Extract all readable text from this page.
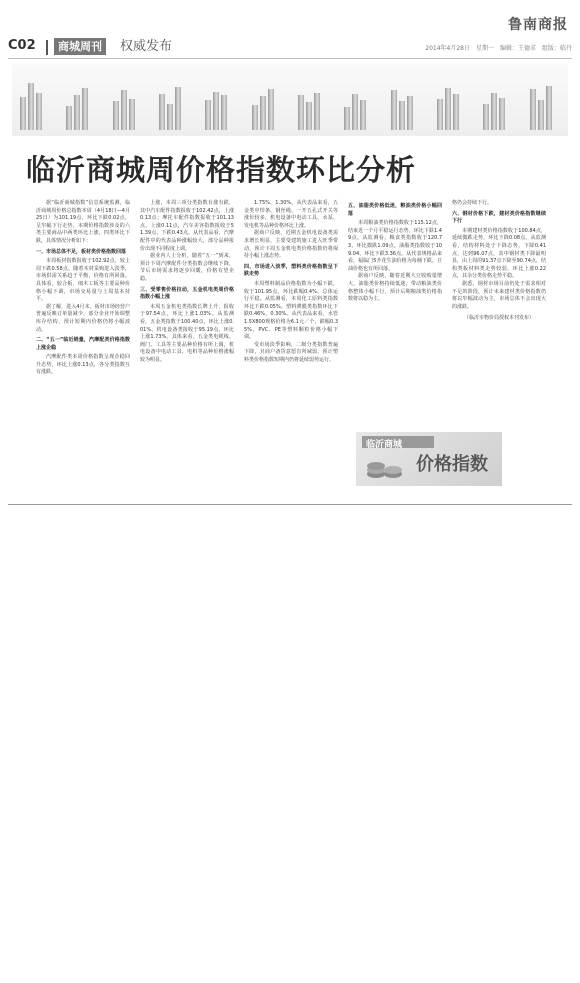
鲁南商报
C02	商城周刊	权威发布	2014年4月28日　星期一　编辑：王德求　组版：临丹
临沂商城周价格指数环比分析

据“临沂商城指数”信息系统监测，临沂商城周价格总指数本周（4月18日—4月25日）为101.19点，环比下跌0.02点，呈窄幅下行走势。本期价格指数涉及的六类主要商品中两类环比上涨，四类环比下跌，具体情况分析如下：

一、市场总体不足，板材类价格指数回落

本周板材指数报收于102.92点，较上周下跌0.58点。随着木材采购进入淡季，市场供需关系趋于平衡，价格有所回落。具体看，胶合板、细木工板等主要品种价格小幅下调，市场交易量与上周基本持平。

据了解，进入4月末，板材市场经营户普遍反映订单量减少，部分企业开始调整库存结构，预计短期内价格仍将小幅波动。

二、“五一”临近销量，汽摩配类价格指数上涨企稳

汽摩配件类本周价格指数呈现企稳回升态势，环比上涨0.13点，各分类指数互有涨跌。

上涨，本周三项分类指数有涨有跌，其中汽车配件指数报收于102.42点，上涨0.13点；摩托车配件指数报收于101.13点，上涨0.11点，汽车美容指数报收于51.39点，下跌0.43点。从代表品看，汽摩配件中的代表品种涨幅较大，部分品种报价出现不同程度上调。

据业内人士分析，随着“五一”到来，预计下周汽摩配件分类指数会继续下降，节后市场需求将逐步回暖，价格有望企稳。

三、受零售价格拉动，五金机电类周价格指数小幅上涨

本周五金机电类指数长牌上升，报收于97.54点，环比上涨1.03%。从监测看，五金类指数于100.40点，环比上涨0.01%，机电设备类报收于95.19点，环比上涨1.73%。具体来看，五金类电缆线、阀门、工具等主要品种价格有所上调，机电设备中电动工具、电机等品种价格涨幅较为明显。

1.75%，1.30%。从代表品来看，五金类中焊条、钢丝绳、一开五孔式开关等涨价较多，机电设备中电动工具、水泵、发电机等品种价格环比上涨。

据商户反映，近期五金机电设备类需求增长明显，主要受建筑施工进入旺季带动，预计下周五金机电类价格指数仍将保持小幅上涨态势。

四、市场进入淡季，塑料类价格指数呈下跌走势

本周塑料制品价格指数为小幅下跌，收于101.95点，环比跌幅0.4%。总体运行平稳。从监测看，本周化工原料类指数环比下跌0.05%。塑料薄膜类指数环比下跌0.46%，0.30%。从代表品来看，水管1.5X800规格价格为6.1元／个，跌幅0.35%，PVC、PE等塑料颗粒价格小幅下调。

受市场淡季影响，二级分类指数普遍下降，且商户备货意愿有所减弱，预计塑料类价格指数短期内仍将延续弱势运行。

五、油脂类价格低迷，粮油类价格小幅回落

本周粮油类价格指数收于115.12点，结束近一个月平稳运行态势，环比下跌1.49点。从监测看，粮食类指数收于120.73，环比微跌1.09点，油脂类指数收于109.04，环比下跌3.36点。从代表规格品来看，福临门5升花生油价格为每桶下跌，豆油价格也有所回落。

据商户反映，随着近期大豆收购量增大，油脂类价格持续低迷，带动粮油类价格整体小幅下行，预计后期粮油类价格指数将以稳为主。

格仍会持续下行。

六、钢材价格下跌，建材类价格指数继续下行

本期建材类价格指数收于100.84点，延续微跌走势，环比下降0.08点。从监测看，结构材料处于下降态势，下降0.41点，达到96.07点，其中钢材类下降最明显，由上周的91.37点下降至90.74点，结构类板材料类走势较弱，环比上涨0.22点，其余分类价格走势平稳。

据悉，钢材市场目前仍处于需求相对不足的阶段，预计未来建材类价格指数仍将以窄幅波动为主，市场总体不会出现大的涨跌。

（临沂市物价局授权本刊发布）

临沂商城
价格指数
